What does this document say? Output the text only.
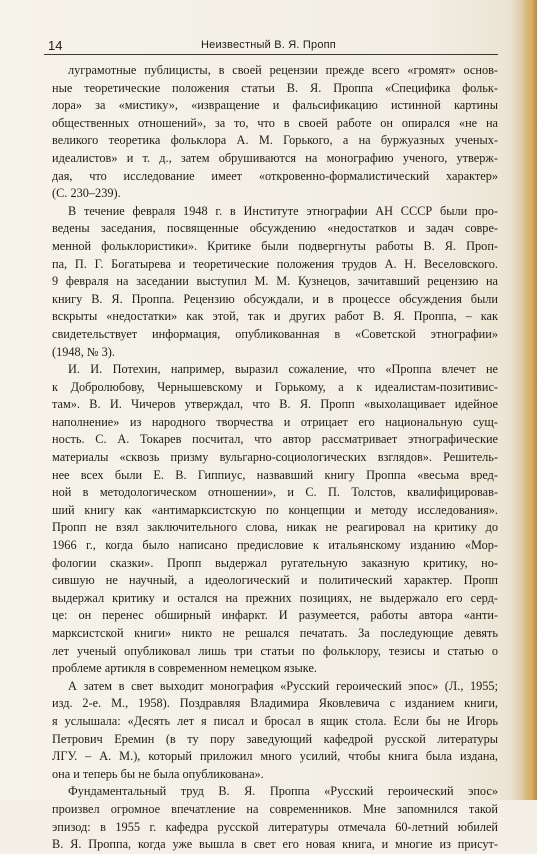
14	Неизвестный В. Я. Пропп

луграмотные публицисты, в своей рецензии прежде всего «громят» основ-
ные теоретические положения статьи В. Я. Проппа «Специфика фольк-
лора» за «мистику», «извращение и фальсификацию истинной картины
общественных отношений», за то, что в своей работе он опирался «не на
великого теоретика фольклора А. М. Горького, а на буржуазных ученых-
идеалистов» и т. д., затем обрушиваются на монографию ученого, утверж-
дая, что исследование имеет «откровенно-формалистический характер»
(С. 230–239).

В течение февраля 1948 г. в Институте этнографии АН СССР были про-
ведены заседания, посвященные обсуждению «недостатков и задач совре-
менной фольклористики». Критике были подвергнуты работы В. Я. Проп-
па, П. Г. Богатырева и теоретические положения трудов А. Н. Веселовского.
9 февраля на заседании выступил М. М. Кузнецов, зачитавший рецензию на
книгу В. Я. Проппа. Рецензию обсуждали, и в процессе обсуждения были
вскрыты «недостатки» как этой, так и других работ В. Я. Проппа, – как
свидетельствует информация, опубликованная в «Советской этнографии»
(1948, № 3).

И. И. Потехин, например, выразил сожаление, что «Проппа влечет не
к Добролюбову, Чернышевскому и Горькому, а к идеалистам-позитивис-
там». В. И. Чичеров утверждал, что В. Я. Пропп «выхолащивает идейное
наполнение» из народного творчества и отрицает его национальную сущ-
ность. С. А. Токарев посчитал, что автор рассматривает этнографические
материалы «сквозь призму вульгарно-социологических взглядов». Решитель-
нее всех были Е. В. Гиппиус, назвавший книгу Проппа «весьма вред-
ной в методологическом отношении», и С. П. Толстов, квалифицировав-
ший книгу как «антимарксистскую по концепции и методу исследования».
Пропп не взял заключительного слова, никак не реагировал на критику до
1966 г., когда было написано предисловие к итальянскому изданию «Мор-
фологии сказки». Пропп выдержал ругательную заказную критику, но-
сившую не научный, а идеологический и политический характер. Пропп
выдержал критику и остался на прежних позициях, не выдержало его серд-
це: он перенес обширный инфаркт. И разумеется, работы автора «анти-
марксистской книги» никто не решался печатать. За последующие девять
лет ученый опубликовал лишь три статьи по фольклору, тезисы и статью о
проблеме артикля в современном немецком языке.

А затем в свет выходит монография «Русский героический эпос» (Л., 1955;
изд. 2-е. М., 1958). Поздравляя Владимира Яковлевича с изданием книги,
я услышала: «Десять лет я писал и бросал в ящик стола. Если бы не Игорь
Петрович Еремин (в ту пору заведующий кафедрой русской литературы
ЛГУ. – А. М.), который приложил много усилий, чтобы книга была издана,
она и теперь бы не была опубликована».

Фундаментальный труд В. Я. Проппа «Русский героический эпос»
произвел огромное впечатление на современников. Мне запомнился такой
эпизод: в 1955 г. кафедра русской литературы отмечала 60-летний юбилей
В. Я. Проппа, когда уже вышла в свет его новая книга, и многие из присут-
